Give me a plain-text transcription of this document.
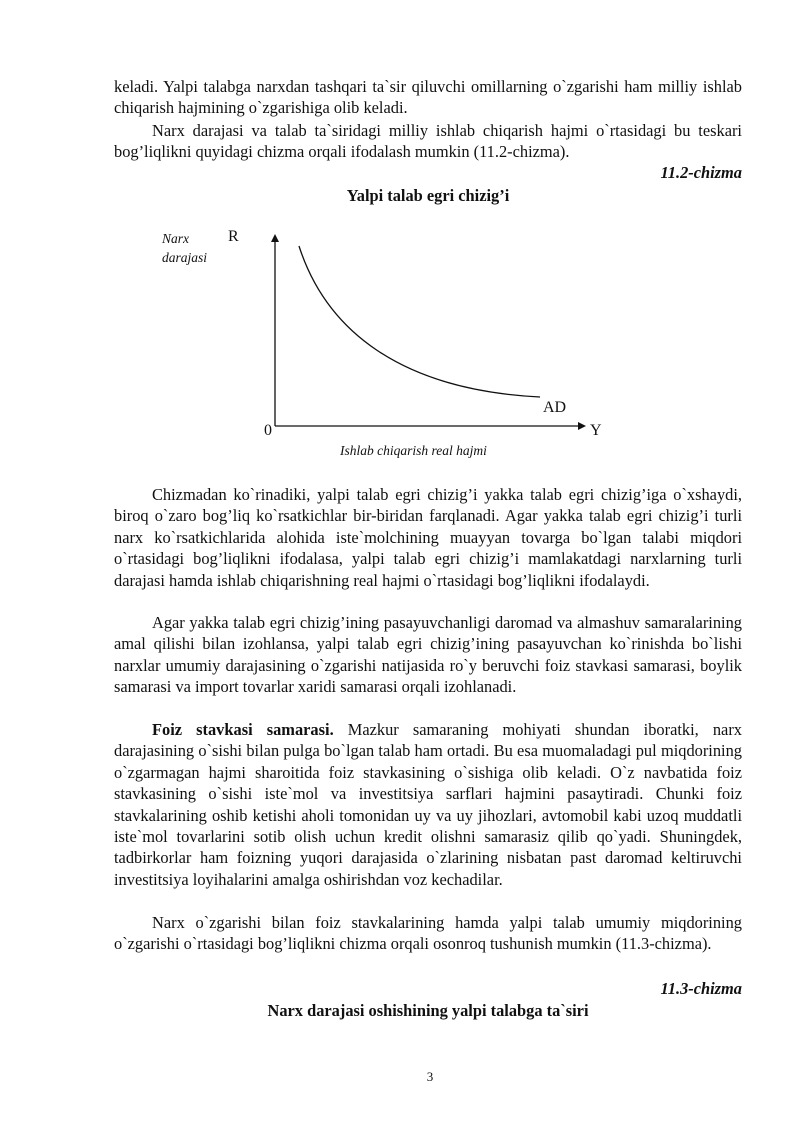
keladi. Yalpi talabga narxdan tashqari ta`sir qiluvchi omillarning o`zgarishi ham milliy ishlab chiqarish hajmining o`zgarishiga olib keladi.

Narx darajasi va talab ta`siridagi milliy ishlab chiqarish hajmi o`rtasidagi bu teskari bog’liqlikni quyidagi chizma orqali ifodalash mumkin (11.2-chizma).

11.2-chizma
Yalpi talab egri chizig’i
Narx darajasi
R
0	Y
AD
Ishlab chiqarish real hajmi

Chizmadan ko`rinadiki, yalpi talab egri chizig’i yakka talab egri chizig’iga o`xshaydi, biroq o`zaro bog’liq ko`rsatkichlar bir-biridan farqlanadi. Agar yakka talab egri chizig’i turli narx ko`rsatkichlarida alohida iste`molchining muayyan tovarga bo`lgan talabi miqdori o`rtasidagi bog’liqlikni ifodalasa, yalpi talab egri chizig’i mamlakatdagi narxlarning turli darajasi hamda ishlab chiqarishning real hajmi o`rtasidagi bog’liqlikni ifodalaydi.

Agar yakka talab egri chizig’ining pasayuvchanligi daromad va almashuv samaralarining amal qilishi bilan izohlansa, yalpi talab egri chizig’ining pasayuvchan ko`rinishda bo`lishi narxlar umumiy darajasining o`zgarishi natijasida ro`y beruvchi foiz stavkasi samarasi, boylik samarasi va import tovarlar xaridi samarasi orqali izohlanadi.

Foiz stavkasi samarasi. Mazkur samaraning mohiyati shundan iboratki, narx darajasining o`sishi bilan pulga bo`lgan talab ham ortadi. Bu esa muomaladagi pul miqdorining o`zgarmagan hajmi sharoitida foiz stavkasining o`sishiga olib keladi. O`z navbatida foiz stavkasining o`sishi iste`mol va investitsiya sarflari hajmini pasaytiradi. Chunki foiz stavkalarining oshib ketishi aholi tomonidan uy va uy jihozlari, avtomobil kabi uzoq muddatli iste`mol tovarlarini sotib olish uchun kredit olishni samarasiz qilib qo`yadi. Shuningdek, tadbirkorlar ham foizning yuqori darajasida o`zlarining nisbatan past daromad keltiruvchi investitsiya loyihalarini amalga oshirishdan voz kechadilar.

Narx o`zgarishi bilan foiz stavkalarining hamda yalpi talab umumiy miqdorining o`zgarishi o`rtasidagi bog’liqlikni chizma orqali osonroq tushunish mumkin (11.3-chizma).

11.3-chizma
Narx darajasi oshishining yalpi talabga ta`siri
3
